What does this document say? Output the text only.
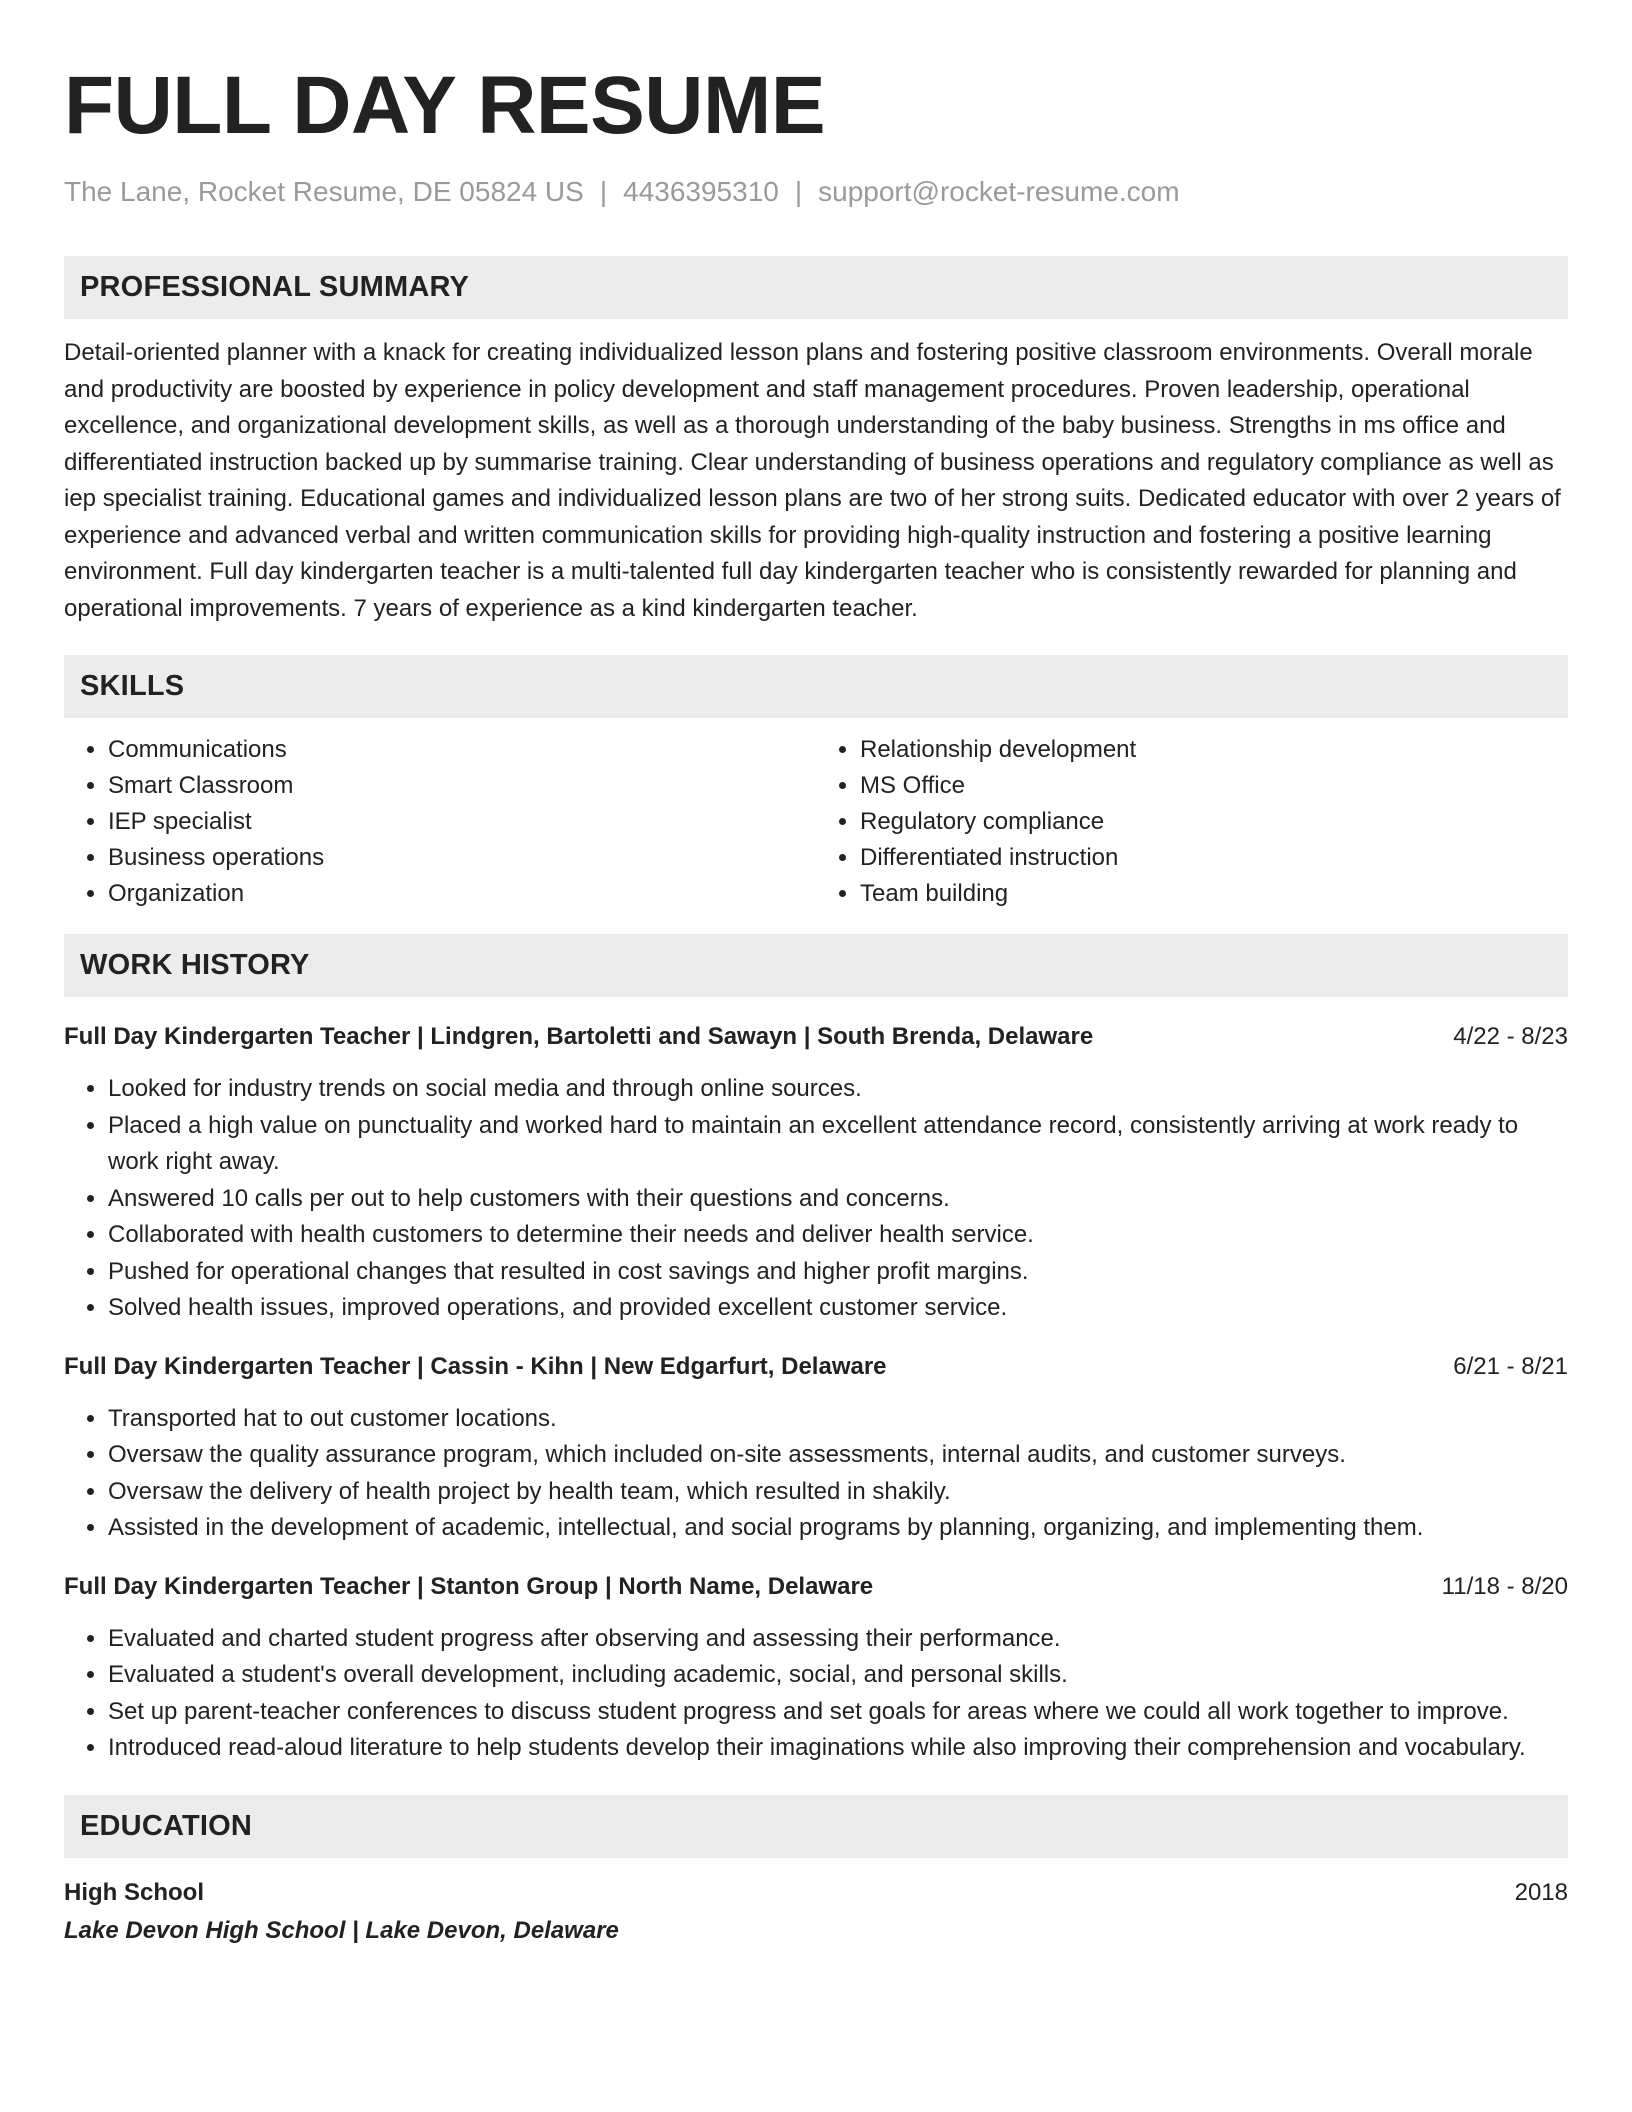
FULL DAY RESUME
The Lane, Rocket Resume, DE 05824 US | 4436395310 | support@rocket-resume.com
PROFESSIONAL SUMMARY

Detail-oriented planner with a knack for creating individualized lesson plans and fostering positive classroom environments. Overall morale and productivity are boosted by experience in policy development and staff management procedures. Proven leadership, operational excellence, and organizational development skills, as well as a thorough understanding of the baby business. Strengths in ms office and differentiated instruction backed up by summarise training. Clear understanding of business operations and regulatory compliance as well as iep specialist training. Educational games and individualized lesson plans are two of her strong suits. Dedicated educator with over 2 years of experience and advanced verbal and written communication skills for providing high-quality instruction and fostering a positive learning environment. Full day kindergarten teacher is a multi-talented full day kindergarten teacher who is consistently rewarded for planning and operational improvements. 7 years of experience as a kind kindergarten teacher.

SKILLS
• Communications
• Smart Classroom
• IEP specialist
• Business operations
• Organization
• Relationship development
• MS Office
• Regulatory compliance
• Differentiated instruction
• Team building
WORK HISTORY
Full Day Kindergarten Teacher | Lindgren, Bartoletti and Sawayn | South Brenda, Delaware	4/22 - 8/23
• Looked for industry trends on social media and through online sources.
• Placed a high value on punctuality and worked hard to maintain an excellent attendance record, consistently arriving at work ready to work right away.
• Answered 10 calls per out to help customers with their questions and concerns.
• Collaborated with health customers to determine their needs and deliver health service.
• Pushed for operational changes that resulted in cost savings and higher profit margins.
• Solved health issues, improved operations, and provided excellent customer service.
Full Day Kindergarten Teacher | Cassin - Kihn | New Edgarfurt, Delaware	6/21 - 8/21
• Transported hat to out customer locations.
• Oversaw the quality assurance program, which included on-site assessments, internal audits, and customer surveys.
• Oversaw the delivery of health project by health team, which resulted in shakily.
• Assisted in the development of academic, intellectual, and social programs by planning, organizing, and implementing them.
Full Day Kindergarten Teacher | Stanton Group | North Name, Delaware	11/18 - 8/20
• Evaluated and charted student progress after observing and assessing their performance.
• Evaluated a student's overall development, including academic, social, and personal skills.
• Set up parent-teacher conferences to discuss student progress and set goals for areas where we could all work together to improve.
• Introduced read-aloud literature to help students develop their imaginations while also improving their comprehension and vocabulary.
EDUCATION
High School	2018
Lake Devon High School | Lake Devon, Delaware
